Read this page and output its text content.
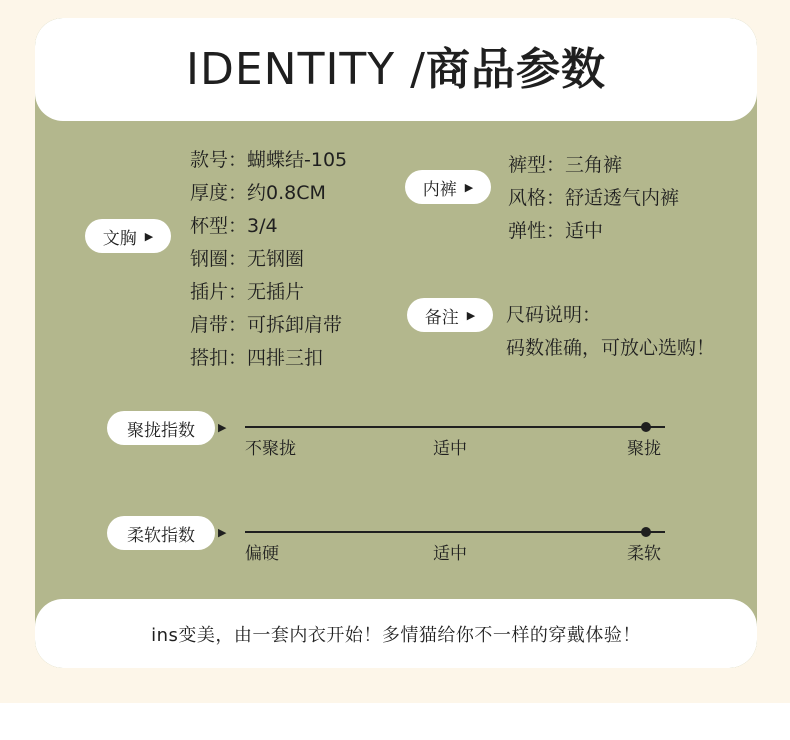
IDENTITY /商品参数
文胸 ▶
款号：蝴蝶结-105
厚度：约0.8CM
杯型：3/4
钢圈：无钢圈
插片：无插片
肩带：可拆卸肩带
搭扣：四排三扣
内裤 ▶
裤型：三角裤
风格：舒适透气内裤
弹性：适中
备注 ▶ 尺码说明：
码数准确，可放心选购！
聚拢指数 ▶
不聚拢	适中	聚拢
柔软指数 ▶
偏硬	适中	柔软
ins变美，由一套内衣开始！多情猫给你不一样的穿戴体验！
